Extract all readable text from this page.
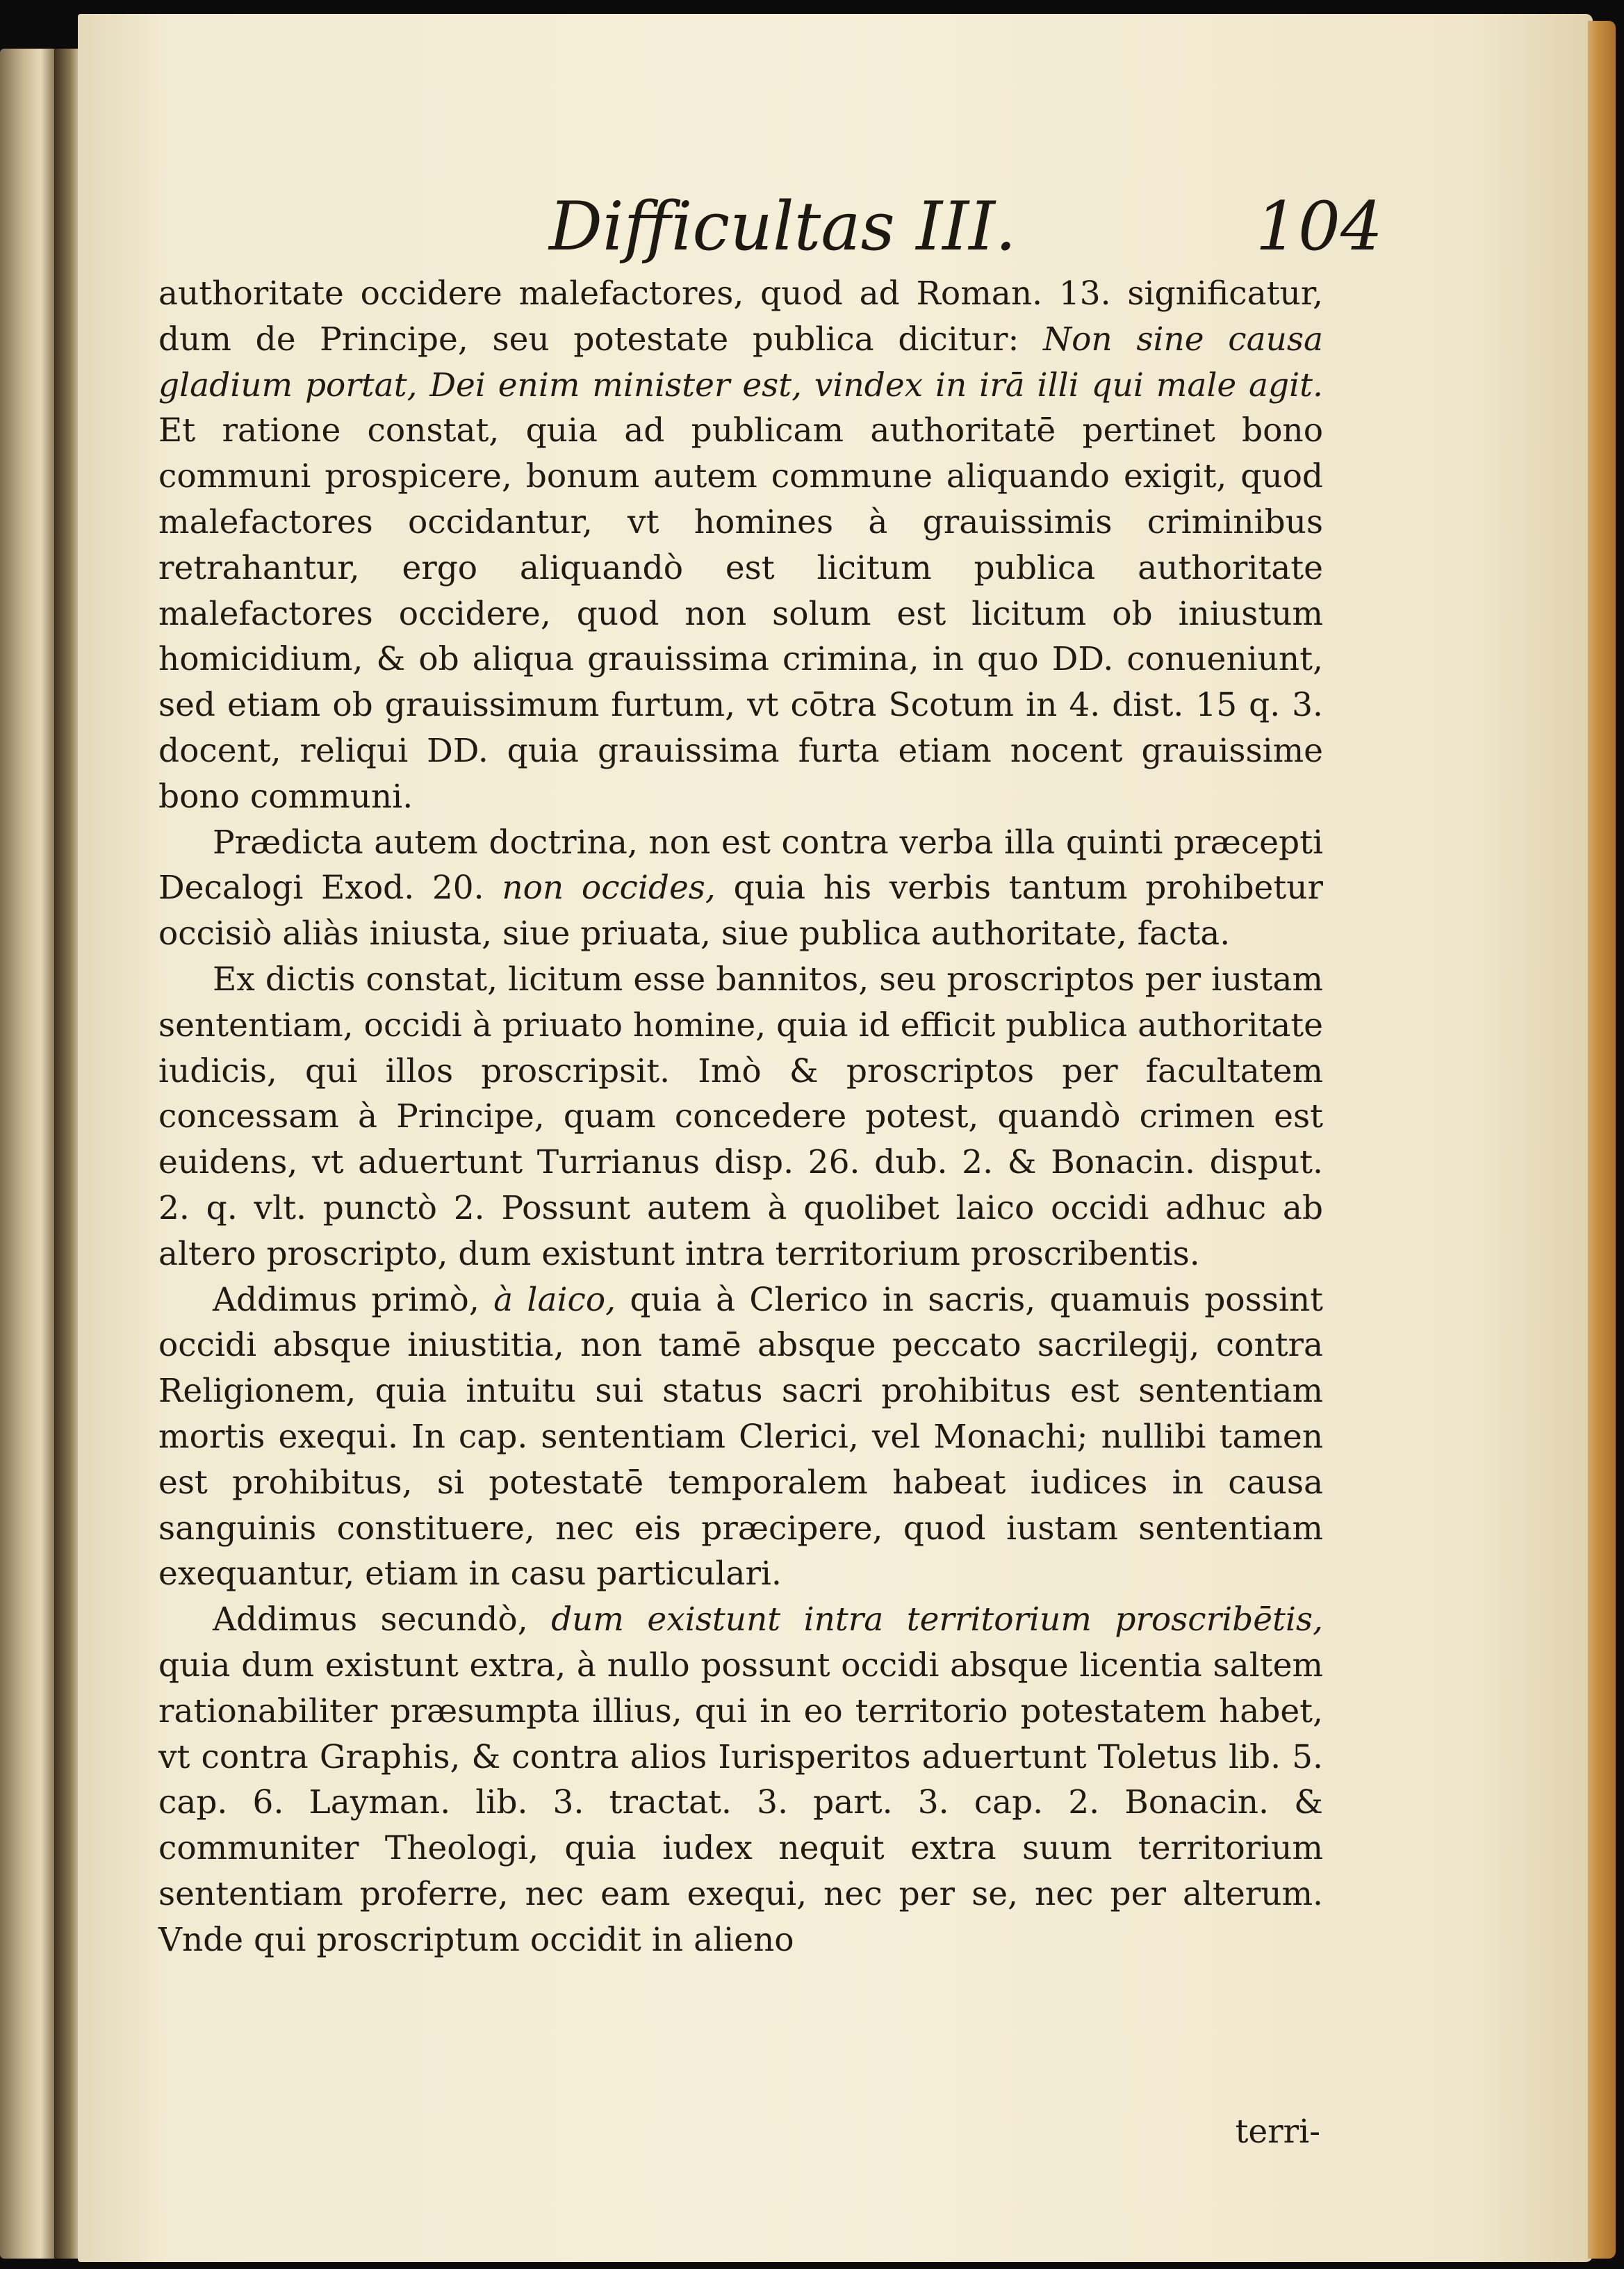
Difficultas III.	104

authoritate occidere malefactores, quod ad Roman. 13. significatur, dum de Principe, seu potestate publica dicitur: Non sine causa gladium portat, Dei enim minister est, vindex in irā illi qui male agit. Et ratione constat, quia ad publicam authoritatē pertinet bono communi prospicere, bonum autem commune aliquando exigit, quod malefactores occidantur, vt homines à grauissimis criminibus retrahantur, ergo aliquandò est licitum publica authoritate malefactores occidere, quod non solum est licitum ob iniustum homicidium, & ob aliqua grauissima crimina, in quo DD. conueniunt, sed etiam ob grauissimum furtum, vt cōtra Scotum in 4. dist. 15 q. 3. docent, reliqui DD. quia grauissima furta etiam nocent grauissime bono communi.

Prædicta autem doctrina, non est contra verba illa quinti præcepti Decalogi Exod. 20. non occides, quia his verbis tantum prohibetur occisiò aliàs iniusta, siue priuata, siue publica authoritate, facta.

Ex dictis constat, licitum esse bannitos, seu proscriptos per iustam sententiam, occidi à priuato homine, quia id efficit publica authoritate iudicis, qui illos proscripsit. Imò & proscriptos per facultatem concessam à Principe, quam concedere potest, quandò crimen est euidens, vt aduertunt Turrianus disp. 26. dub. 2. & Bonacin. disput. 2. q. vlt. punctò 2. Possunt autem à quolibet laico occidi adhuc ab altero proscripto, dum existunt intra territorium proscribentis.

Addimus primò, à laico, quia à Clerico in sacris, quamuis possint occidi absque iniustitia, non tamē absque peccato sacrilegij, contra Religionem, quia intuitu sui status sacri prohibitus est sententiam mortis exequi. In cap. sententiam Clerici, vel Monachi; nullibi tamen est prohibitus, si potestatē temporalem habeat iudices in causa sanguinis constituere, nec eis præcipere, quod iustam sententiam exequantur, etiam in casu particulari.

Addimus secundò, dum existunt intra territorium proscribētis, quia dum existunt extra, à nullo possunt occidi absque licentia saltem rationabiliter præsumpta illius, qui in eo territorio potestatem habet, vt contra Graphis, & contra alios Iurisperitos aduertunt Toletus lib. 5. cap. 6. Layman. lib. 3. tractat. 3. part. 3. cap. 2. Bonacin. & communiter Theologi, quia iudex nequit extra suum territorium sententiam proferre, nec eam exequi, nec per se, nec per alterum. Vnde qui proscriptum occidit in alieno

terri-
